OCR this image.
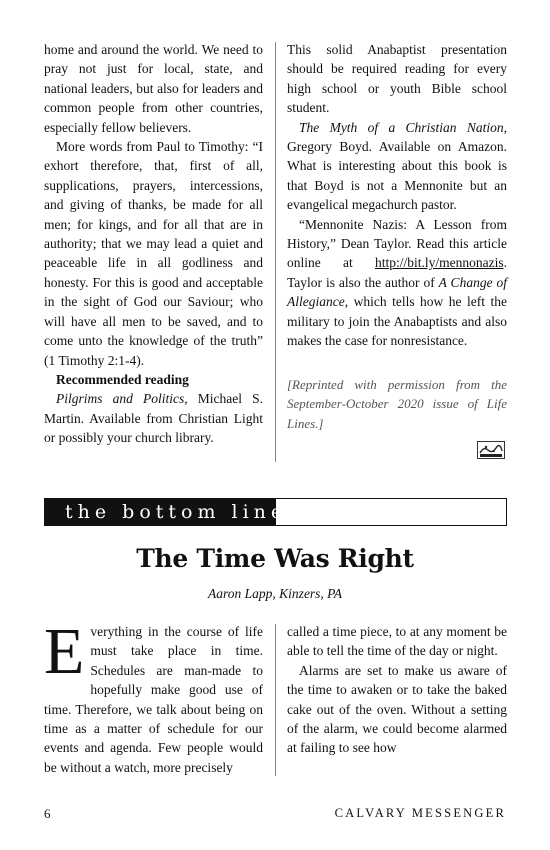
home and around the world. We need to pray not just for local, state, and national leaders, but also for leaders and common people from other countries, especially fellow believers.

More words from Paul to Timothy: “I exhort therefore, that, first of all, supplications, prayers, intercessions, and giving of thanks, be made for all men; for kings, and for all that are in authority; that we may lead a quiet and peaceable life in all godliness and honesty. For this is good and acceptable in the sight of God our Saviour; who will have all men to be saved, and to come unto the knowledge of the truth” (1 Timothy 2:1-4).

Recommended reading

Pilgrims and Politics, Michael S. Martin. Available from Christian Light or possibly your church library.

This solid Anabaptist presentation should be required reading for every high school or youth Bible school student.

The Myth of a Christian Nation, Gregory Boyd. Available on Amazon. What is interesting about this book is that Boyd is not a Mennonite but an evangelical megachurch pastor.

“Mennonite Nazis: A Lesson from History,” Dean Taylor. Read this article online at http://bit.ly/mennonazis. Taylor is also the author of A Change of Allegiance, which tells how he left the military to join the Anabaptists and also makes the case for nonresistance.

[Reprinted with permission from the September-October 2020 issue of Life Lines.]

the bottom line
The Time Was Right
Aaron Lapp, Kinzers, PA

Everything in the course of life must take place in time. Schedules are man-made to hopefully make good use of time. Therefore, we talk about being on time as a matter of schedule for our events and agenda. Few people would be without a watch, more precisely

called a time piece, to at any moment be able to tell the time of the day or night.

Alarms are set to make us aware of the time to awaken or to take the baked cake out of the oven. Without a setting of the alarm, we could become alarmed at failing to see how

6	CALVARY MESSENGER
